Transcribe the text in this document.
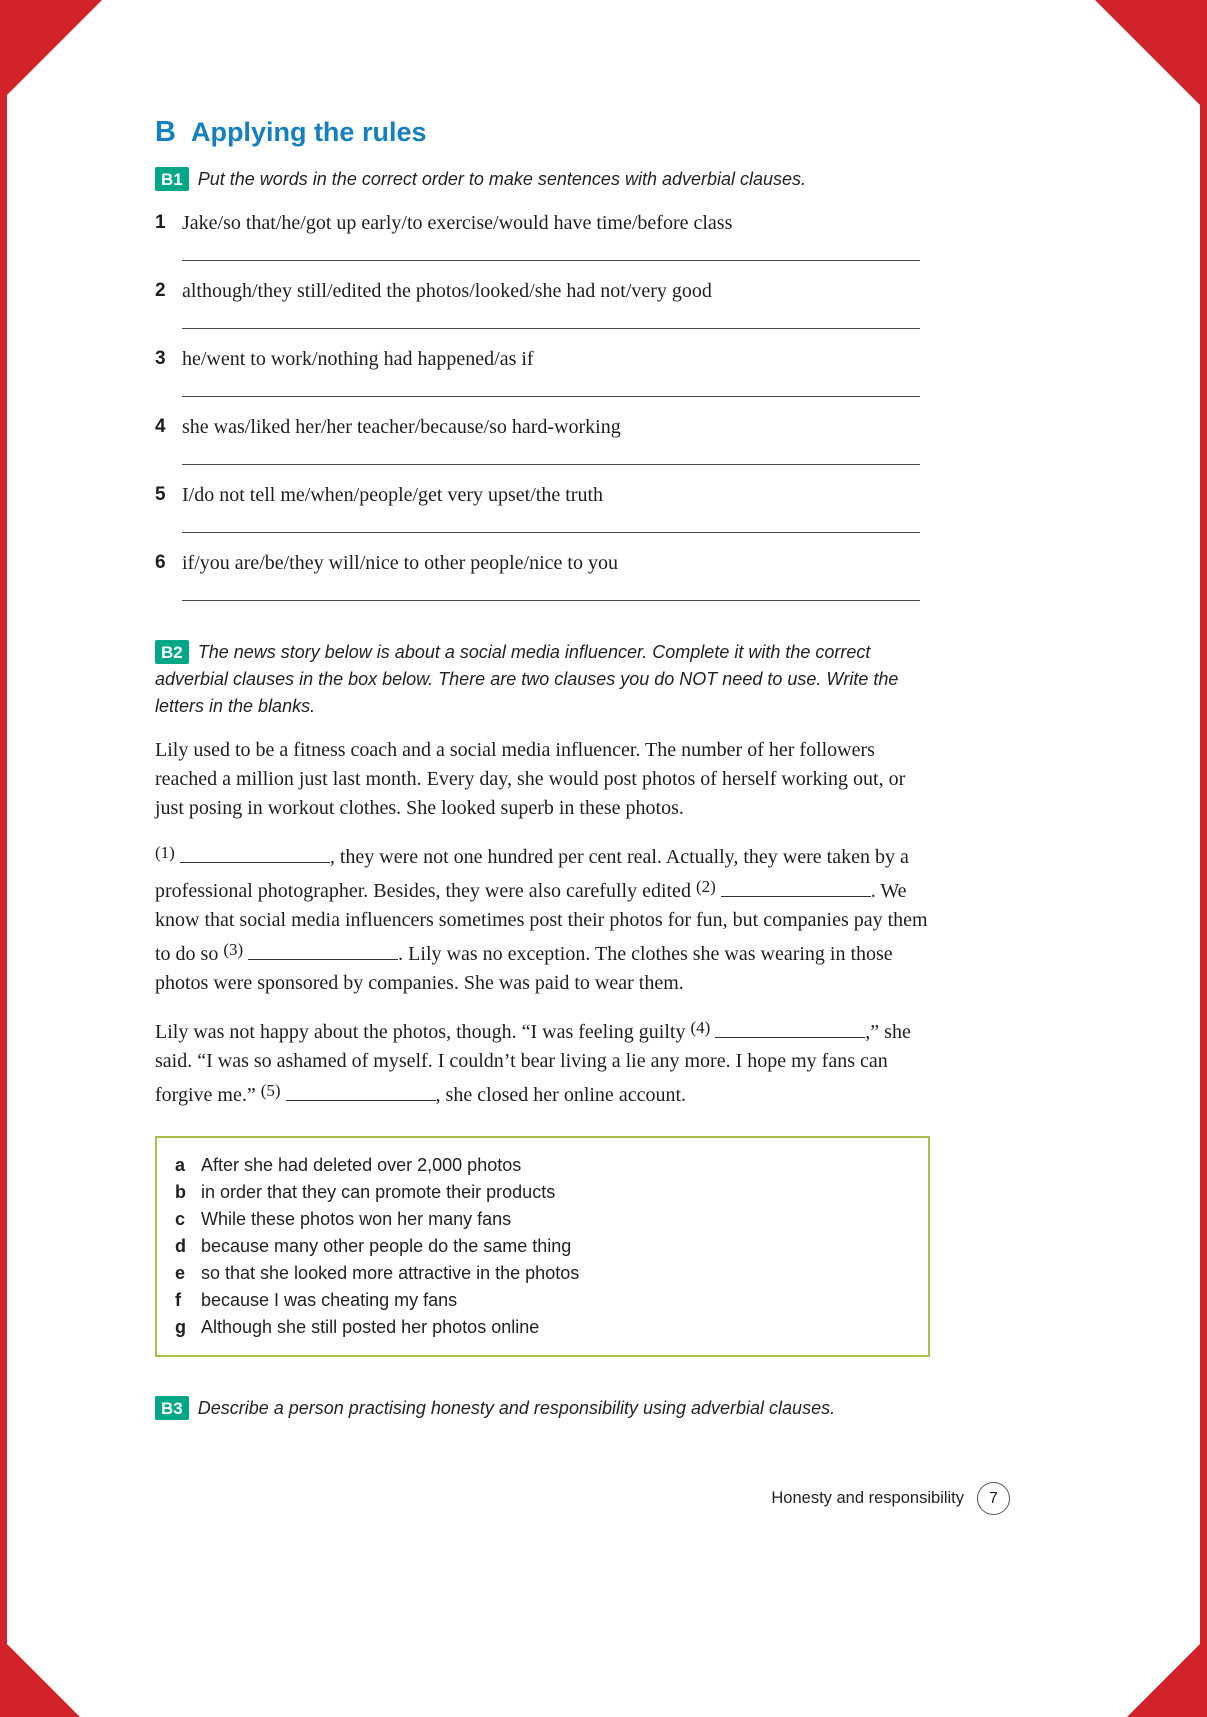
B Applying the rules
B1 Put the words in the correct order to make sentences with adverbial clauses.
1 Jake/so that/he/got up early/to exercise/would have time/before class
2 although/they still/edited the photos/looked/she had not/very good
3 he/went to work/nothing had happened/as if
4 she was/liked her/her teacher/because/so hard-working
5 I/do not tell me/when/people/get very upset/the truth
6 if/you are/be/they will/nice to other people/nice to you
B2 The news story below is about a social media influencer. Complete it with the correct adverbial clauses in the box below. There are two clauses you do NOT need to use. Write the letters in the blanks.

Lily used to be a fitness coach and a social media influencer. The number of her followers reached a million just last month. Every day, she would post photos of herself working out, or just posing in workout clothes. She looked superb in these photos.

$^{(1)}$	, they were not one hundred per cent real. Actually, they were taken by a professional photographer. Besides, they were also carefully edited $^{(2)}$	. We know that social media influencers sometimes post their photos for fun, but companies pay them to do so $^{(3)}$	. Lily was no exception. The clothes she was wearing in those photos were sponsored by companies. She was paid to wear them.

Lily was not happy about the photos, though. “I was feeling guilty $^{(4)}$	,” she said. “I was so ashamed of myself. I couldn’t bear living a lie any more. I hope my fans can forgive me.” $^{(5)}$	, she closed her online account.

a After she had deleted over 2,000 photos
b in order that they can promote their products
c While these photos won her many fans
d because many other people do the same thing
e so that she looked more attractive in the photos
f	because I was cheating my fans
g Although she still posted her photos online
B3 Describe a person practising honesty and responsibility using adverbial clauses.
Honesty and responsibility 7
